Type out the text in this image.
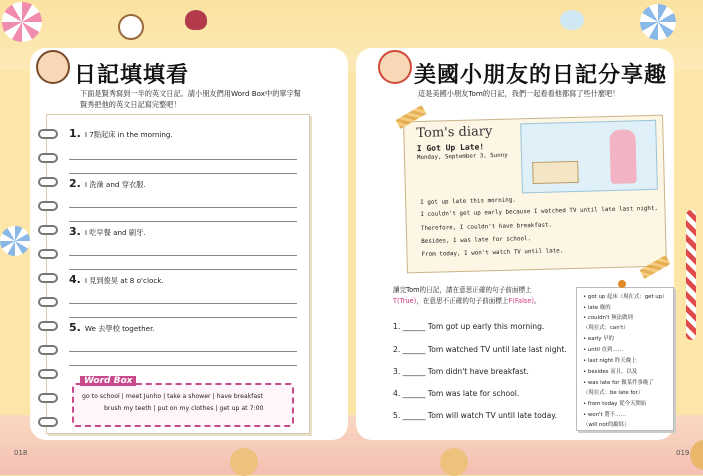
日記填填看
下面是賢秀寫到一半的英文日記。請小朋友們用Word Box中的單字幫
賢秀把他的英文日記寫完整吧！
1. I 7點起床 in the morning.
2. I 洗澡 and 穿衣服.
3. I 吃早餐 and 刷牙.
4. I 見到俊昊 at 8 o'clock.
5. We 去學校 together.
Word Box
go to school | meet Junho | take a shower | have breakfast
brush my teeth | put on my clothes | get up at 7:00
018
美國小朋友的日記分享趣
這是美國小朋友Tom的日記，我們一起看看他都寫了些什麼吧！
Tom's diary
I Got Up Late!
Monday, September 3, Sunny
I got up late this morning.
I couldn't get up early because I watched TV until late last night.
Therefore, I couldn't have breakfast.
Besides, I was late for school.
From today, I won't watch TV until late.
讀完Tom的日記，請在意思正確的句子前面標上
T(True)，在意思不正確的句子前面標上F(False)。
1. ______ Tom got up early this morning.
2. ______ Tom watched TV until late last night.
3. ______ Tom didn't have breakfast.
4. ______ Tom was late for school.
5. ______ Tom will watch TV until late today.
• got up 起床（現在式：get up）
• late 晚的
• couldn't 無法做到
（現在式：can't）
• early 早的
• until 直到……
• last night 昨天晚上
• besides 而且、以及
• was late for 做某件事晚了
（現在式：be late for）
• from today 從今天開始
• won't 將不……
（will not的縮寫）
019
